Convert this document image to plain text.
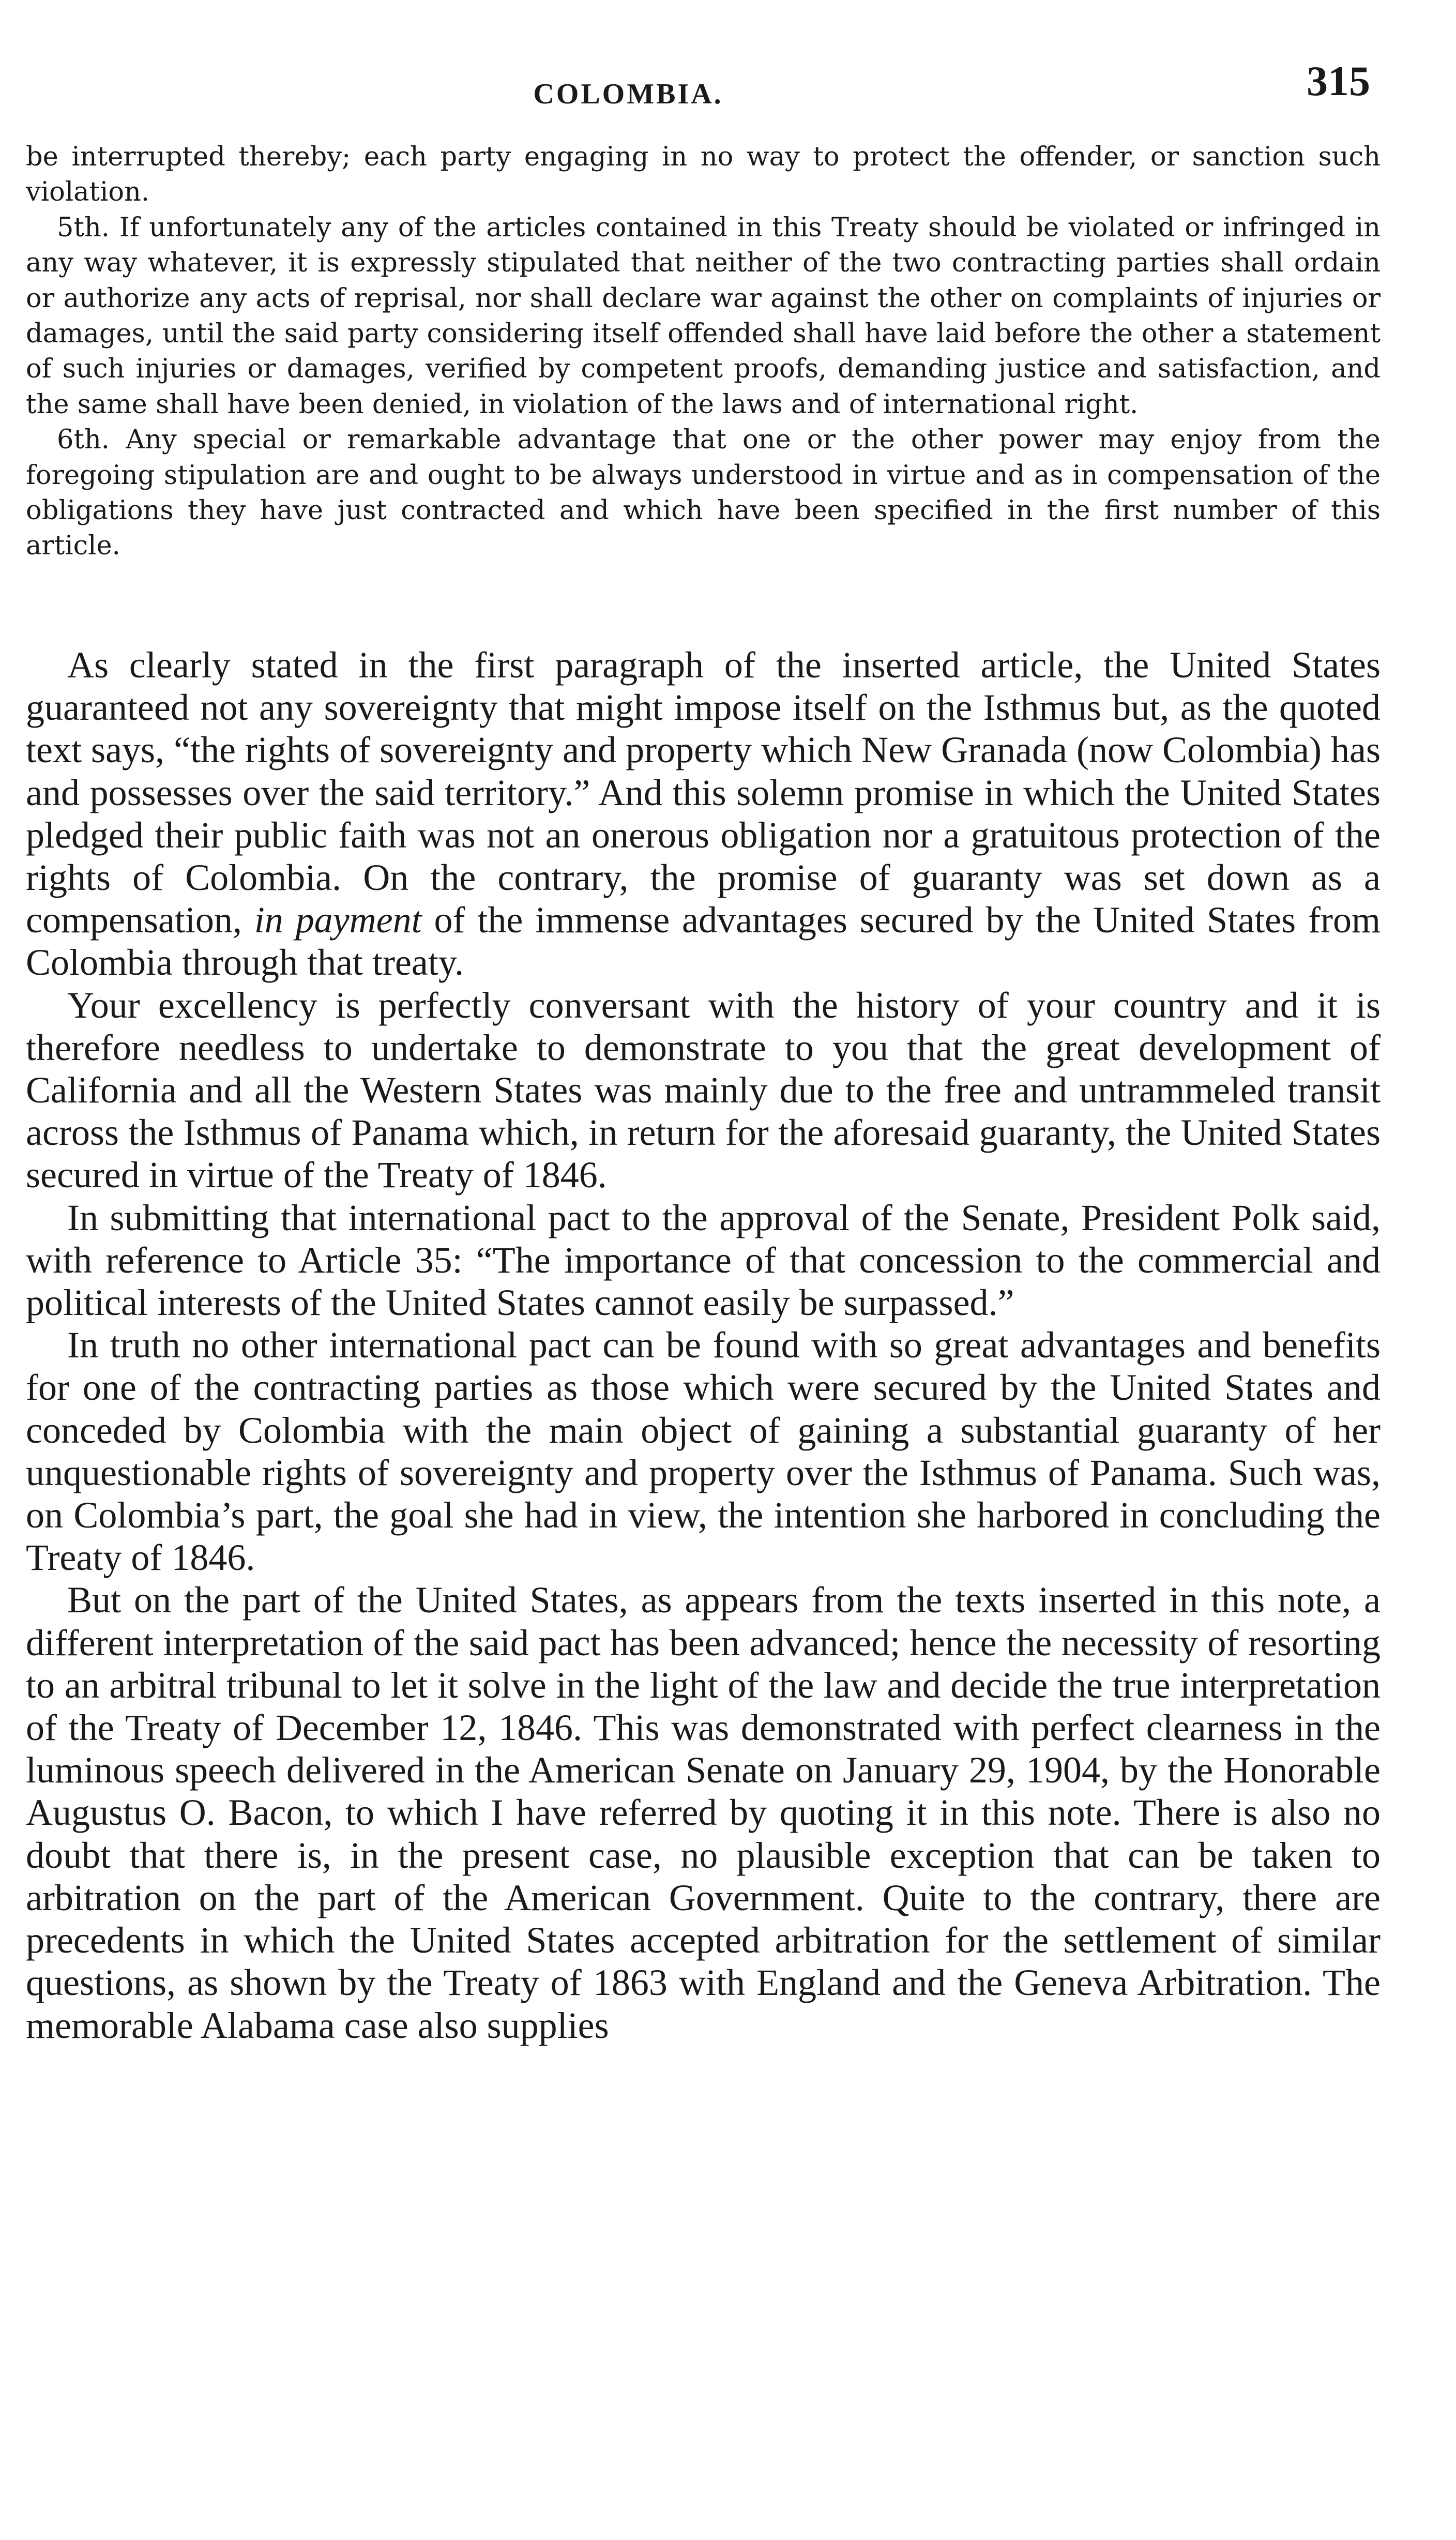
COLOMBIA.	315

be interrupted thereby; each party engaging in no way to protect the offender, or sanction such violation.

5th. If unfortunately any of the articles contained in this Treaty should be violated or infringed in any way whatever, it is expressly stipulated that neither of the two contracting parties shall ordain or authorize any acts of reprisal, nor shall declare war against the other on complaints of injuries or damages, until the said party considering itself offended shall have laid before the other a statement of such injuries or damages, verified by competent proofs, demanding justice and satisfaction, and the same shall have been denied, in violation of the laws and of international right.

6th. Any special or remarkable advantage that one or the other power may enjoy from the foregoing stipulation are and ought to be always understood in virtue and as in compensation of the obligations they have just contracted and which have been specified in the first number of this article.

As clearly stated in the first paragraph of the inserted article, the United States guaranteed not any sovereignty that might impose itself on the Isthmus but, as the quoted text says, “the rights of sovereignty and property which New Granada (now Colombia) has and possesses over the said territory.” And this solemn promise in which the United States pledged their public faith was not an onerous obligation nor a gratuitous protection of the rights of Colombia. On the contrary, the promise of guaranty was set down as a compensation, in payment of the immense advantages secured by the United States from Colombia through that treaty.

Your excellency is perfectly conversant with the history of your country and it is therefore needless to undertake to demonstrate to you that the great development of California and all the Western States was mainly due to the free and untrammeled transit across the Isthmus of Panama which, in return for the aforesaid guaranty, the United States secured in virtue of the Treaty of 1846.

In submitting that international pact to the approval of the Senate, President Polk said, with reference to Article 35: “The importance of that concession to the commercial and political interests of the United States cannot easily be surpassed.”

In truth no other international pact can be found with so great advantages and benefits for one of the contracting parties as those which were secured by the United States and conceded by Colombia with the main object of gaining a substantial guaranty of her unquestionable rights of sovereignty and property over the Isthmus of Panama. Such was, on Colombia’s part, the goal she had in view, the intention she harbored in concluding the Treaty of 1846.

But on the part of the United States, as appears from the texts inserted in this note, a different interpretation of the said pact has been advanced; hence the necessity of resorting to an arbitral tribunal to let it solve in the light of the law and decide the true interpretation of the Treaty of December 12, 1846. This was demonstrated with perfect clearness in the luminous speech delivered in the American Senate on January 29, 1904, by the Honorable Augustus O. Bacon, to which I have referred by quoting it in this note. There is also no doubt that there is, in the present case, no plausible exception that can be taken to arbitration on the part of the American Government. Quite to the contrary, there are precedents in which the United States accepted arbitration for the settlement of similar questions, as shown by the Treaty of 1863 with England and the Geneva Arbitration. The memorable Alabama case also supplies
